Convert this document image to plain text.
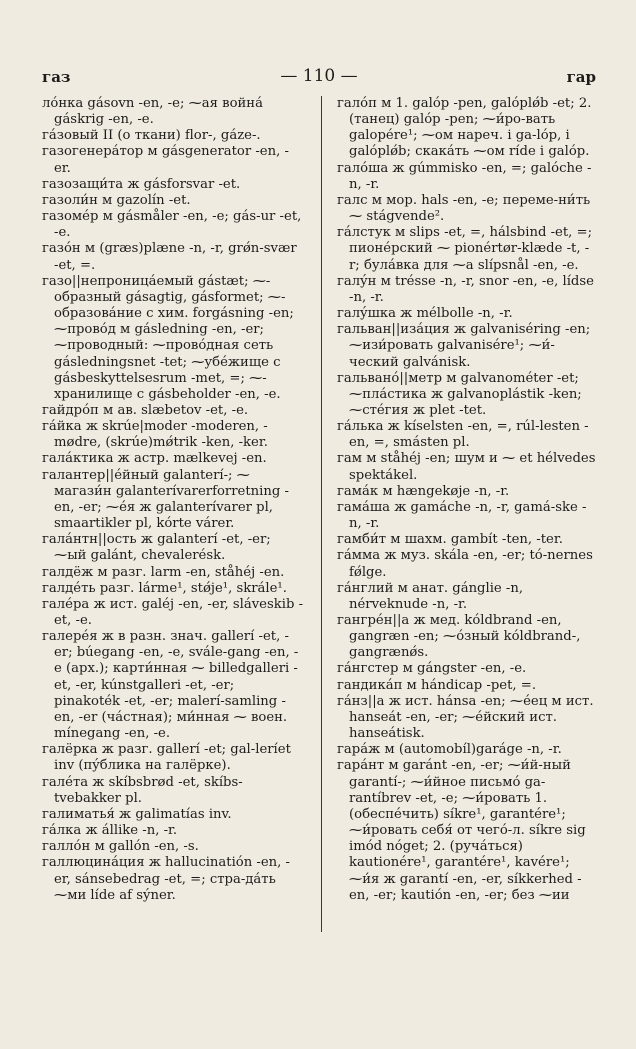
газ	— 110 —	гар

лóнка gásovn -en, -e; ⁓ая войнá gáskrig -en, -e.

гáзовый II (о ткани) flor-, gáze-.

газогенерáтор м gásgenerator -en, -er.

газозащи́та ж gásforsvar -et.

газоли́н м gazolín -et.

газомéр м gásmåler -en, -e; gás-ur -et, -e.

газóн м (græs)plæne -n, -r, grǿn-svær -et, =.

газо||непроницáемый gástæt; ⁓-образный gásagtig, gásformet; ⁓-образовáние с хим. forgásning -en; ⁓провóд м gásledning -en, -er; ⁓проводный: ⁓провóдная сеть gásledningsnet -tet; ⁓убéжище с gásbeskyttelsesrum -met, =; ⁓-хранилище с gásbeholder -en, -e.

гайдрóп м ав. slæbetov -et, -e.

гáйка ж skrúe|moder -moderen, -mødre, (skrúe)mǿtrik -ken, -ker.

галáктика ж астр. mælkevej -en.

галантер||éйный galanterí-; ⁓ магази́н galanterívarerforretning -en, -er; ⁓éя ж galanterívarer pl, smaartikler pl, kórte várer.

галáнтн||ость ж galanterí -et, -er; ⁓ый galánt, chevalerésk.

галдёж м разг. larm -en, ståhéj -en.

галдéть разг. lárme¹, stǿje¹, skrále¹.

галéра ж ист. galéj -en, -er, sláveskib -et, -e.

галерéя ж в разн. знач. gallerí -et, -er; búegang -en, -e, svále-gang -en, -e (арх.); карти́нная ⁓ billedgalleri -et, -er, kúnstgalleri -et, -er; pinakoték -et, -er; malerí-samling -en, -er (чáстная); ми́нная ⁓ воен. mínegang -en, -e.

галёрка ж разг. gallerí -et; gal-leríet inv (пýблика на галёрке).

галéта ж skíbsbrød -et, skíbs-tvebakker pl.

галиматья́ ж galimatías inv.

гáлка ж állike -n, -r.

галлóн м gallón -en, -s.

галлюцинáция ж hallucinatión -en, -er, sánsebedrag -et, =; стра-дáть ⁓ми líde af sýner.

галóп м 1. galóp -pen, galóplǿb -et; 2. (танец) galóp -pen; ⁓и́ро-вать galopére¹; ⁓ом нареч. i ga-lóp, i galóplǿb; скакáть ⁓ом ríde i galóp.

галóша ж gúmmisko -en, =; galóche -n, -r.

галс м мор. hals -en, -e; переме-ни́ть ⁓ stágvende².

гáлстук м slips -et, =, hálsbind -et, =; пионéрский ⁓ pionértør-klæde -t, -r; булáвка для ⁓а slípsnål -en, -e.

галýн м trésse -n, -r, snor -en, -e, lídse -n, -r.

галýшка ж mélbolle -n, -r.

гальван||изáция ж galvaniséring -en; ⁓изи́ровать galvanisére¹; ⁓и́-ческий galvánisk.

гальванó||метр м galvanométer -et; ⁓плáстика ж galvanoplástik -ken; ⁓стéгия ж plet -tet.

гáлька ж kíselsten -en, =, rúl-lesten -en, =, smásten pl.

гам м ståhéj -en; шум и ⁓ et hélvedes spektákel.

гамáк м hængekøje -n, -r.

гамáша ж gamáche -n, -r, gamá-ske -n, -r.

гамби́т м шахм. gambít -ten, -ter.

гáмма ж муз. skála -en, -er; tó-nernes fǿlge.

гáнглий м анат. gánglie -n, nérveknude -n, -r.

гангрéн||а ж мед. kóldbrand -en, gangræn -en; ⁓óзный kóldbrand-, gangrænǿs.

гáнгстер м gángster -en, -e.

гандикáп м hándicap -pet, =.

гáнз||а ж ист. hánsa -en; ⁓éец м ист. hanseát -en, -er; ⁓éйский ист. hanseátisk.

гарáж м (automobíl)garáge -n, -r.

гарáнт м garánt -en, -er; ⁓и́й-ный garantí-; ⁓и́йное письмó ga-rantíbrev -et, -e; ⁓и́ровать 1. (обеспéчить) síkre¹, garantére¹; ⁓и́ровать себя́ от чегó-л. síkre sig imód nóget; 2. (ручáться) kautionére¹, garantére¹, kavére¹; ⁓и́я ж garantí -en, -er, síkkerhed -en, -er; kautión -en, -er; без ⁓ии
